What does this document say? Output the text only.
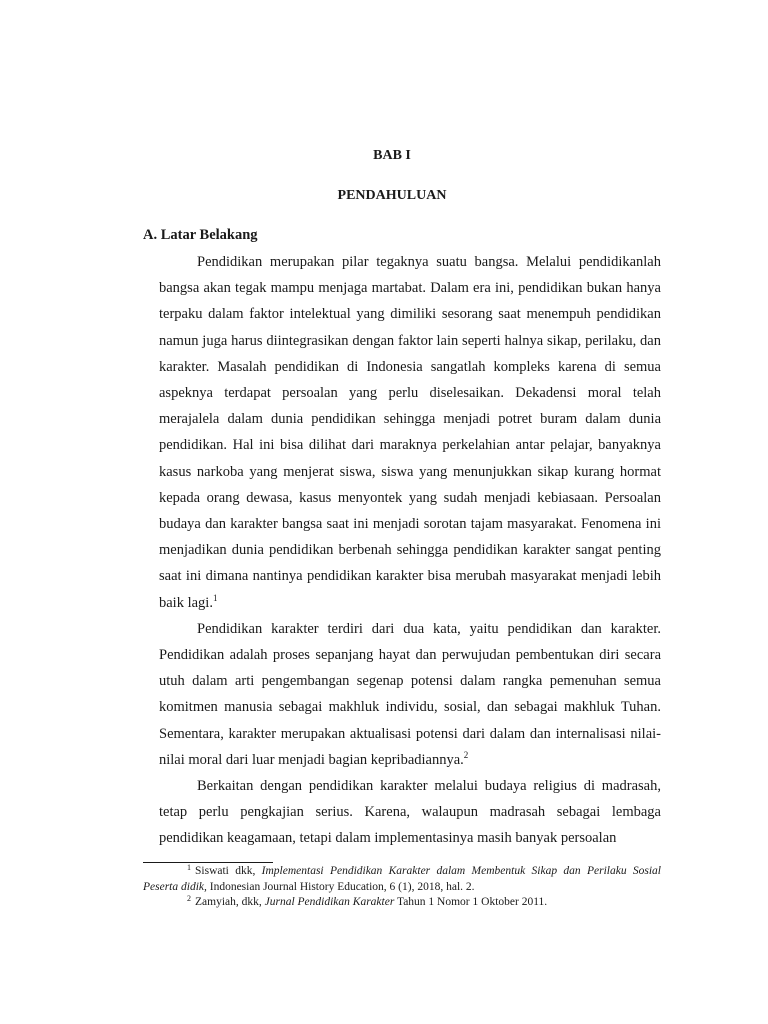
BAB I
PENDAHULUAN
A. Latar Belakang

Pendidikan merupakan pilar tegaknya suatu bangsa. Melalui pendidikanlah bangsa akan tegak mampu menjaga martabat. Dalam era ini, pendidikan bukan hanya terpaku dalam faktor intelektual yang dimiliki sesorang saat menempuh pendidikan namun juga harus diintegrasikan dengan faktor lain seperti halnya sikap, perilaku, dan karakter. Masalah pendidikan di Indonesia sangatlah kompleks karena di semua aspeknya terdapat persoalan yang perlu diselesaikan. Dekadensi moral telah merajalela dalam dunia pendidikan sehingga menjadi potret buram dalam dunia pendidikan. Hal ini bisa dilihat dari maraknya perkelahian antar pelajar, banyaknya kasus narkoba yang menjerat siswa, siswa yang menunjukkan sikap kurang hormat kepada orang dewasa, kasus menyontek yang sudah menjadi kebiasaan. Persoalan budaya dan karakter bangsa saat ini menjadi sorotan tajam masyarakat. Fenomena ini menjadikan dunia pendidikan berbenah sehingga pendidikan karakter sangat penting saat ini dimana nantinya pendidikan karakter bisa merubah masyarakat menjadi lebih baik lagi.$^1$

Pendidikan karakter terdiri dari dua kata, yaitu pendidikan dan karakter. Pendidikan adalah proses sepanjang hayat dan perwujudan pembentukan diri secara utuh dalam arti pengembangan segenap potensi dalam rangka pemenuhan semua komitmen manusia sebagai makhluk individu, sosial, dan sebagai makhluk Tuhan. Sementara, karakter merupakan aktualisasi potensi dari dalam dan internalisasi nilai-nilai moral dari luar menjadi bagian kepribadiannya.$^2$

Berkaitan dengan pendidikan karakter melalui budaya religius di madrasah, tetap perlu pengkajian serius. Karena, walaupun madrasah sebagai lembaga pendidikan keagamaan, tetapi dalam implementasinya masih banyak persoalan

$^1$ Siswati dkk, Implementasi Pendidikan Karakter dalam Membentuk Sikap dan Perilaku Sosial Peserta didik, Indonesian Journal History Education, 6 (1), 2018, hal. 2.

$^2$ Zamyiah, dkk, Jurnal Pendidikan Karakter Tahun 1 Nomor 1 Oktober 2011.
